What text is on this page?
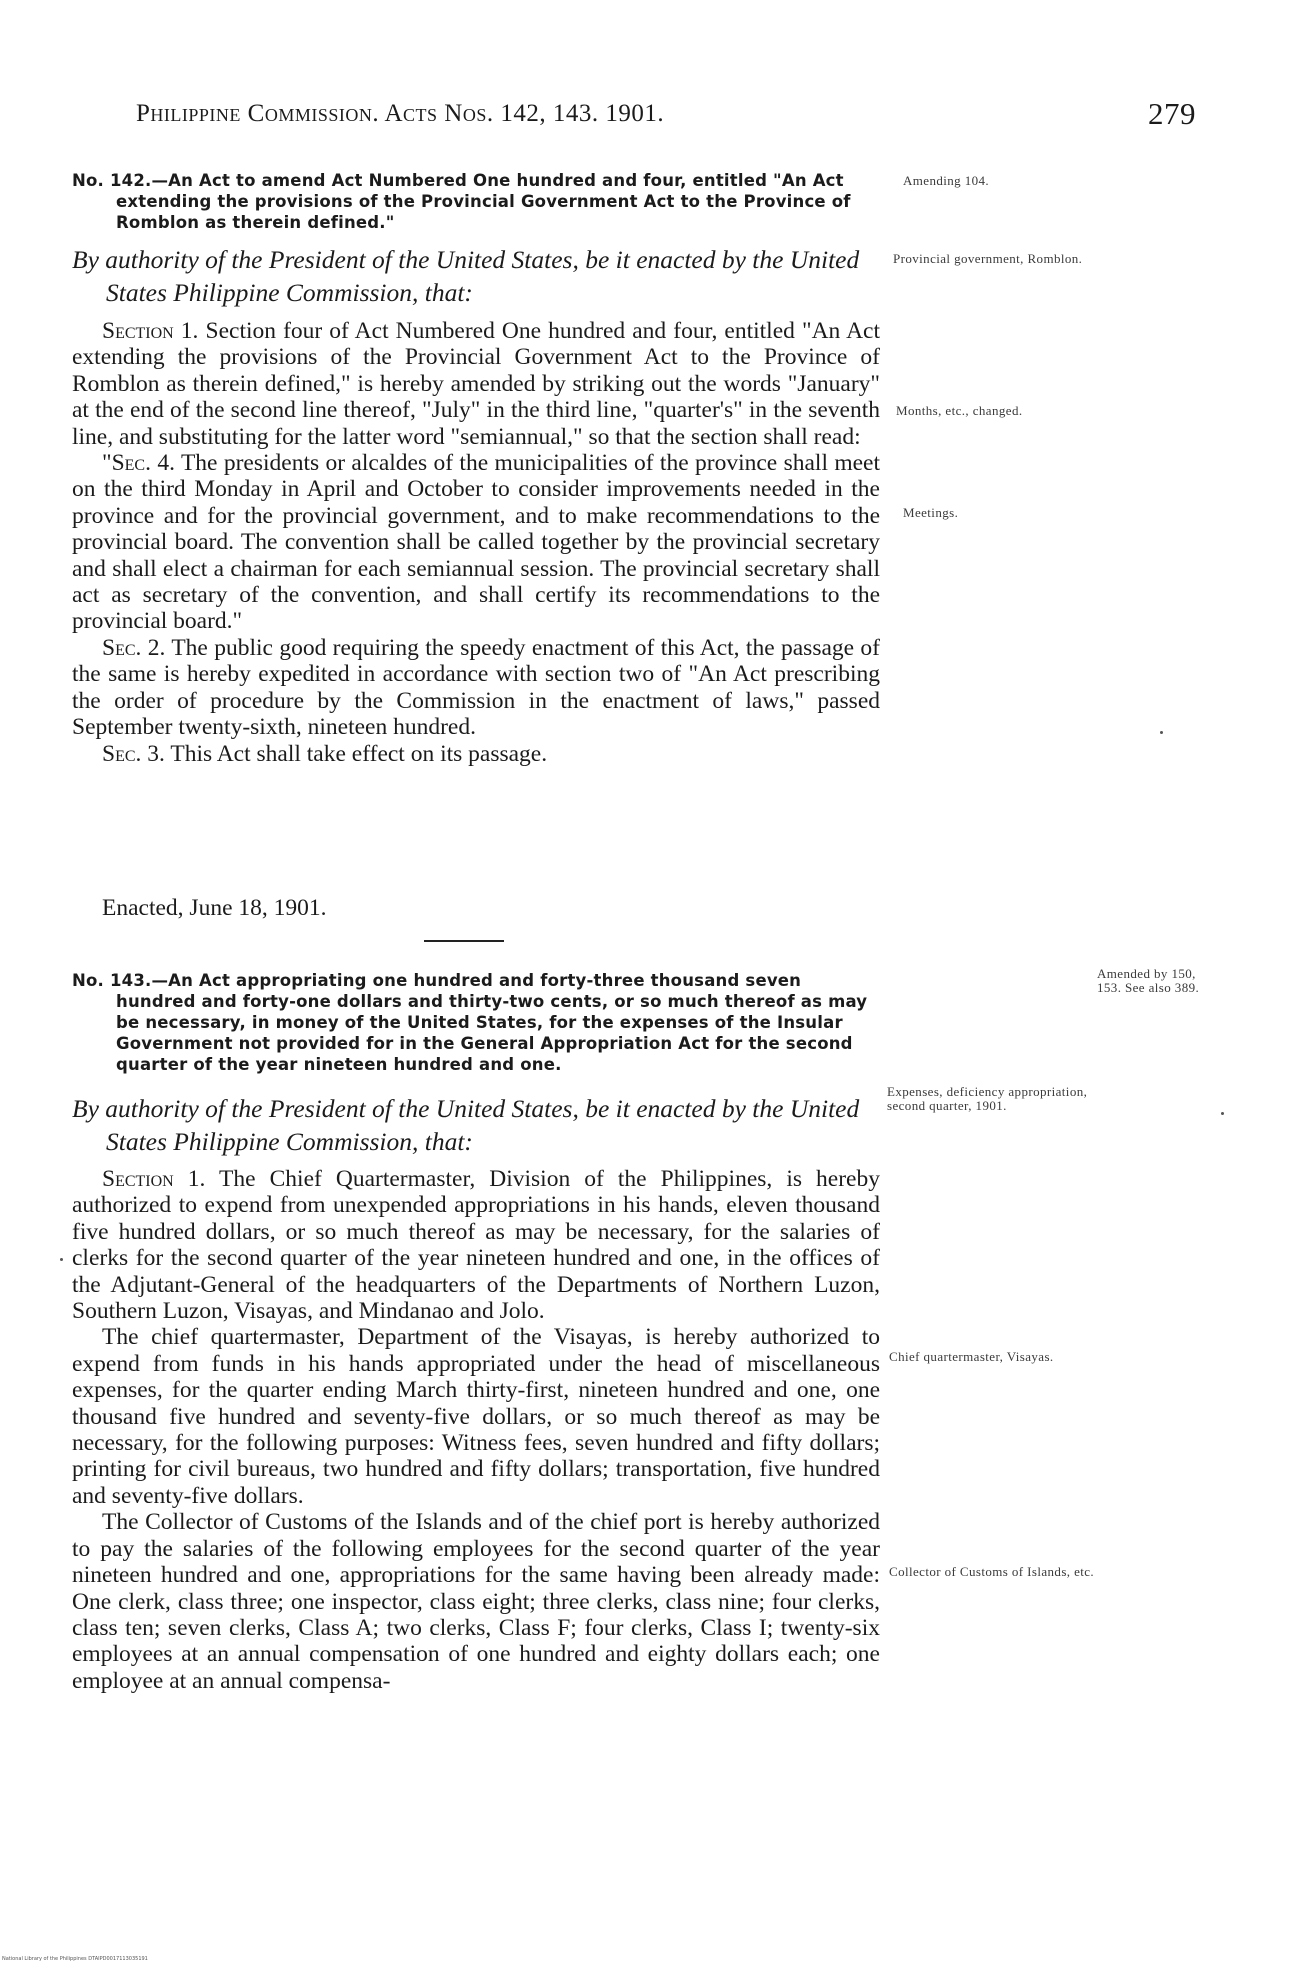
Philippine Commission. Acts Nos. 142, 143. 1901.	279

No. 142.—An Act to amend Act Numbered One hundred and four, entitled "An Act extending the provisions of the Provincial Government Act to the Province of Romblon as therein defined."

By authority of the President of the United States, be it enacted by the United States Philippine Commission, that:

Section 1. Section four of Act Numbered One hundred and four, entitled "An Act extending the provisions of the Provincial Government Act to the Province of Romblon as therein defined," is hereby amended by striking out the words "January" at the end of the second line thereof, "July" in the third line, "quarter's" in the seventh line, and substituting for the latter word "semiannual," so that the section shall read:

"Sec. 4. The presidents or alcaldes of the municipalities of the province shall meet on the third Monday in April and October to consider improvements needed in the province and for the provincial government, and to make recommendations to the provincial board. The convention shall be called together by the provincial secretary and shall elect a chairman for each semiannual session. The provincial secretary shall act as secretary of the convention, and shall certify its recommendations to the provincial board."

Sec. 2. The public good requiring the speedy enactment of this Act, the passage of the same is hereby expedited in accordance with section two of "An Act prescribing the order of procedure by the Commission in the enactment of laws," passed September twenty-sixth, nineteen hundred.

Sec. 3. This Act shall take effect on its passage.

Enacted, June 18, 1901.

No. 143.—An Act appropriating one hundred and forty-three thousand seven hundred and forty-one dollars and thirty-two cents, or so much thereof as may be necessary, in money of the United States, for the expenses of the Insular Government not provided for in the General Appropriation Act for the second quarter of the year nineteen hundred and one.

By authority of the President of the United States, be it enacted by the United States Philippine Commission, that:

Section 1. The Chief Quartermaster, Division of the Philippines, is hereby authorized to expend from unexpended appropriations in his hands, eleven thousand five hundred dollars, or so much thereof as may be necessary, for the salaries of clerks for the second quarter of the year nineteen hundred and one, in the offices of the Adjutant-General of the headquarters of the Departments of Northern Luzon, Southern Luzon, Visayas, and Mindanao and Jolo.

The chief quartermaster, Department of the Visayas, is hereby authorized to expend from funds in his hands appropriated under the head of miscellaneous expenses, for the quarter ending March thirty-first, nineteen hundred and one, one thousand five hundred and seventy-five dollars, or so much thereof as may be necessary, for the following purposes: Witness fees, seven hundred and fifty dollars; printing for civil bureaus, two hundred and fifty dollars; transportation, five hundred and seventy-five dollars.

The Collector of Customs of the Islands and of the chief port is hereby authorized to pay the salaries of the following employees for the second quarter of the year nineteen hundred and one, appropriations for the same having been already made: One clerk, class three; one inspector, class eight; three clerks, class nine; four clerks, class ten; seven clerks, Class A; two clerks, Class F; four clerks, Class I; twenty-six employees at an annual compensation of one hundred and eighty dollars each; one employee at an annual compensa-

Amending 104.
Provincial government, Romblon.
Months, etc., changed.
Meetings.
Amended by 150, 153. See also 389.
Expenses, deficiency appropriation, second quarter, 1901.
Chief quartermaster, Visayas.
Collector of Customs of Islands, etc.
National Library of the Philippines DTAIPD0017113035191
